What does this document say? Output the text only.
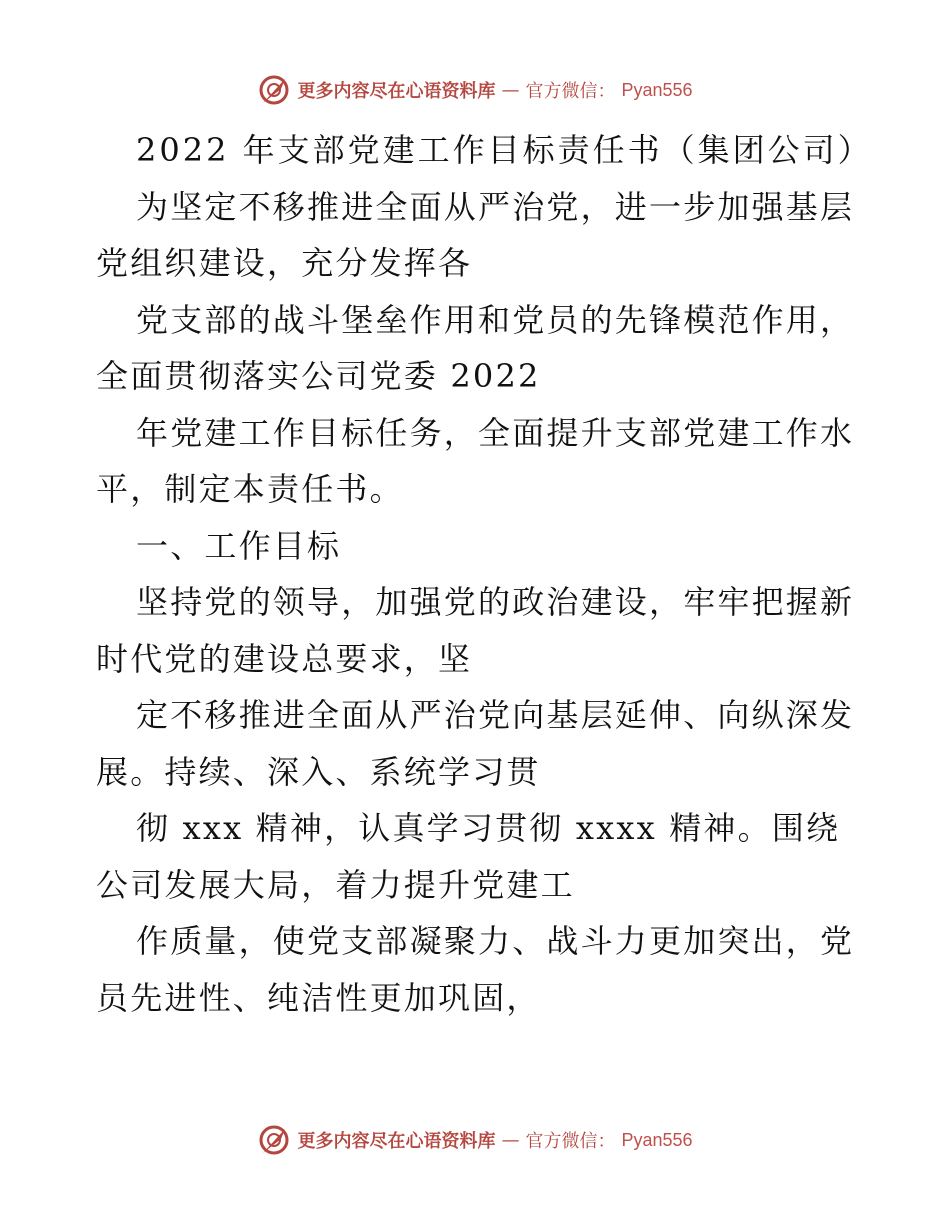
更多内容尽在心语资料库 — 官方微信： Pyan556
2022 年支部党建工作目标责任书（集团公司）
为坚定不移推进全面从严治党，进一步加强基层
党组织建设，充分发挥各
党支部的战斗堡垒作用和党员的先锋模范作用，
全面贯彻落实公司党委 2022
年党建工作目标任务，全面提升支部党建工作水
平，制定本责任书。
一、工作目标
坚持党的领导，加强党的政治建设，牢牢把握新
时代党的建设总要求，坚
定不移推进全面从严治党向基层延伸、向纵深发
展。持续、深入、系统学习贯
彻 xxx 精神，认真学习贯彻 xxxx 精神。围绕
公司发展大局，着力提升党建工
作质量，使党支部凝聚力、战斗力更加突出，党
员先进性、纯洁性更加巩固，
更多内容尽在心语资料库 — 官方微信： Pyan556
